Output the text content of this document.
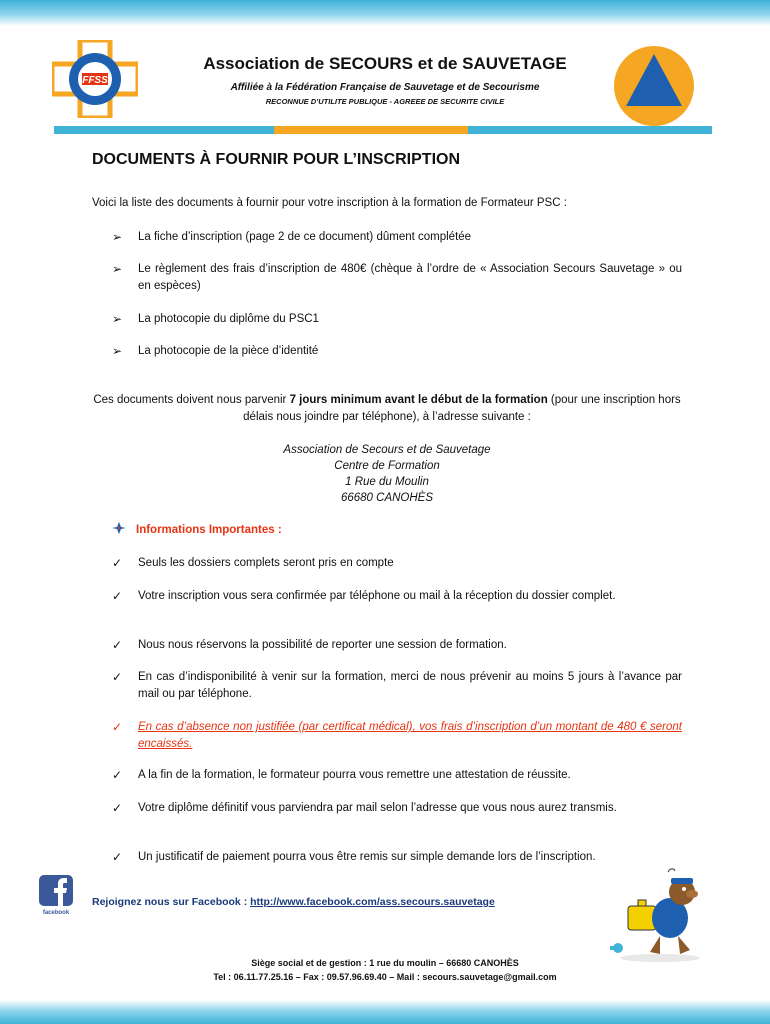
FFSS
Association de SECOURS et de SAUVETAGE
Affiliée à la Fédération Française de Sauvetage et de Secourisme
RECONNUE D’UTILITE PUBLIQUE - AGREEE DE SECURITE CIVILE
DOCUMENTS À FOURNIR POUR L’INSCRIPTION
Voici la liste des documents à fournir pour votre inscription à la formation de Formateur PSC :
➢	La fiche d’inscription (page 2 de ce document) dûment complétée
➢	Le règlement des frais d’inscription de 480€ (chèque à l’ordre de « Association Secours Sauvetage » ou en espèces)
➢	La photocopie du diplôme du PSC1
➢	La photocopie de la pièce d’identité
Ces documents doivent nous parvenir 7 jours minimum avant le début de la formation (pour une inscription hors délais nous joindre par téléphone), à l’adresse suivante :
Association de Secours et de Sauvetage
Centre de Formation
1 Rue du Moulin
66680 CANOHÈS
Informations Importantes :
✓	Seuls les dossiers complets seront pris en compte
✓	Votre inscription vous sera confirmée par téléphone ou mail à la réception du dossier complet.
✓	Nous nous réservons la possibilité de reporter une session de formation.
✓	En cas d’indisponibilité à venir sur la formation, merci de nous prévenir au moins 5 jours à l’avance par mail ou par téléphone.
✓	En cas d’absence non justifiée (par certificat médical), vos frais d’inscription d’un montant de 480 € seront encaissés.
✓	A la fin de la formation, le formateur pourra vous remettre une attestation de réussite.
✓	Votre diplôme définitif vous parviendra par mail selon l’adresse que vous nous aurez transmis.
✓	Un justificatif de paiement pourra vous être remis sur simple demande lors de l’inscription.
facebook
Rejoignez nous sur Facebook : http://www.facebook.com/ass.secours.sauvetage
Siège social et de gestion : 1 rue du moulin – 66680 CANOHÈS
Tel : 06.11.77.25.16 – Fax : 09.57.96.69.40 – Mail : secours.sauvetage@gmail.com
